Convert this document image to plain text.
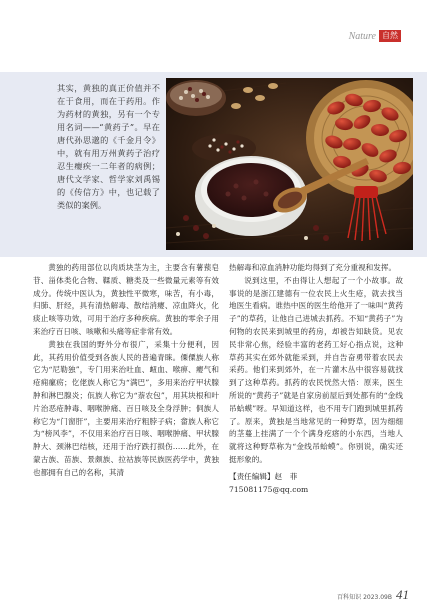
Nature 自然
其实，黄独的真正价值并不在于食用，而在于药用。作为药材的黄独，另有一个专用名词——“黄药子”。早在唐代孙思邈的《千金月令》中，就有用万州黄药子治疗忍生瘿疾一二年者的病例；唐代文学家、哲学家刘禹锡的《传信方》中，也记载了类似的案例。

黄独的药用部位以肉质块茎为主，主要含有薯蓣皂苷、甾体类化合物、鞣质、糖类及一些微量元素等有效成分。传统中医认为，黄独性平微寒，味苦，有小毒，归肺、肝经，具有清热解毒、散结消瘿、凉血降火，化痰止咳等功效，可用于治疗多种疾病。黄独的零余子用来治疗百日咳、咳嗽和头痛等症非常有效。

黄独在我国的野外分布很广，采集十分便利，因此，其药用价值受到各族人民的普遍青睐。傈僳族人称它为“尼勒独”，专门用来治吐血、衄血、喉痹、瘿气和疮痈瘰疬；仡佬族人称它为“满巴”，多用来治疗甲状腺肿和淋巴腺炎；佤族人称它为“萘农包”，用其块根和叶片治恶疮肿毒、咽喉肿痛、百日咳及全身浮肿；侗族人称它为“门窗肝”，主要用来治疗粗脖子病；畲族人称它为“榜风李”，不仅用来治疗百日咳、咽喉肿痛、甲状腺肿大、颈淋巴结核，还用于治疗跌打损伤……此外，在蒙古族、苗族、景颇族、拉祜族等民族医药学中，黄独也都拥有自己的名称，其清

热解毒和凉血消肿功能均得到了充分重视和发挥。

说到这里，不由得让人想起了一个小故事。故事说的是浙江建德有一位农民上火生疮，就去找当地医生看病。谁热中医的医生给他开了一味叫“黄药子”的草药，让他自己进城去抓药。不知“黄药子”为何物的农民来到城里的药房，却被告知缺货。见农民非常心焦，经验丰富的老药工好心指点说，这种草药其实在郊外就能采到，并自告奋勇带着农民去采药。他们来到郊外，在一片灌木丛中很容易就找到了这种草药。抓药的农民恍然大悟：原来，医生所说的“黄药子”就是自家房前屋后到处都有的“金线吊蛤蟆”呀。早知道这样，也不用专门跑到城里抓药了。原来，黄独是当地常见的一种野草，因为细细的茎蔓上挂满了一个个满身疙瘩的小东西，当地人就将这种野草称为“金线吊蛤蟆”。你别说，确实还挺形象的。

【责任编辑】赵　菲

715081175@qq.com

百科知识 2023.09B 41
